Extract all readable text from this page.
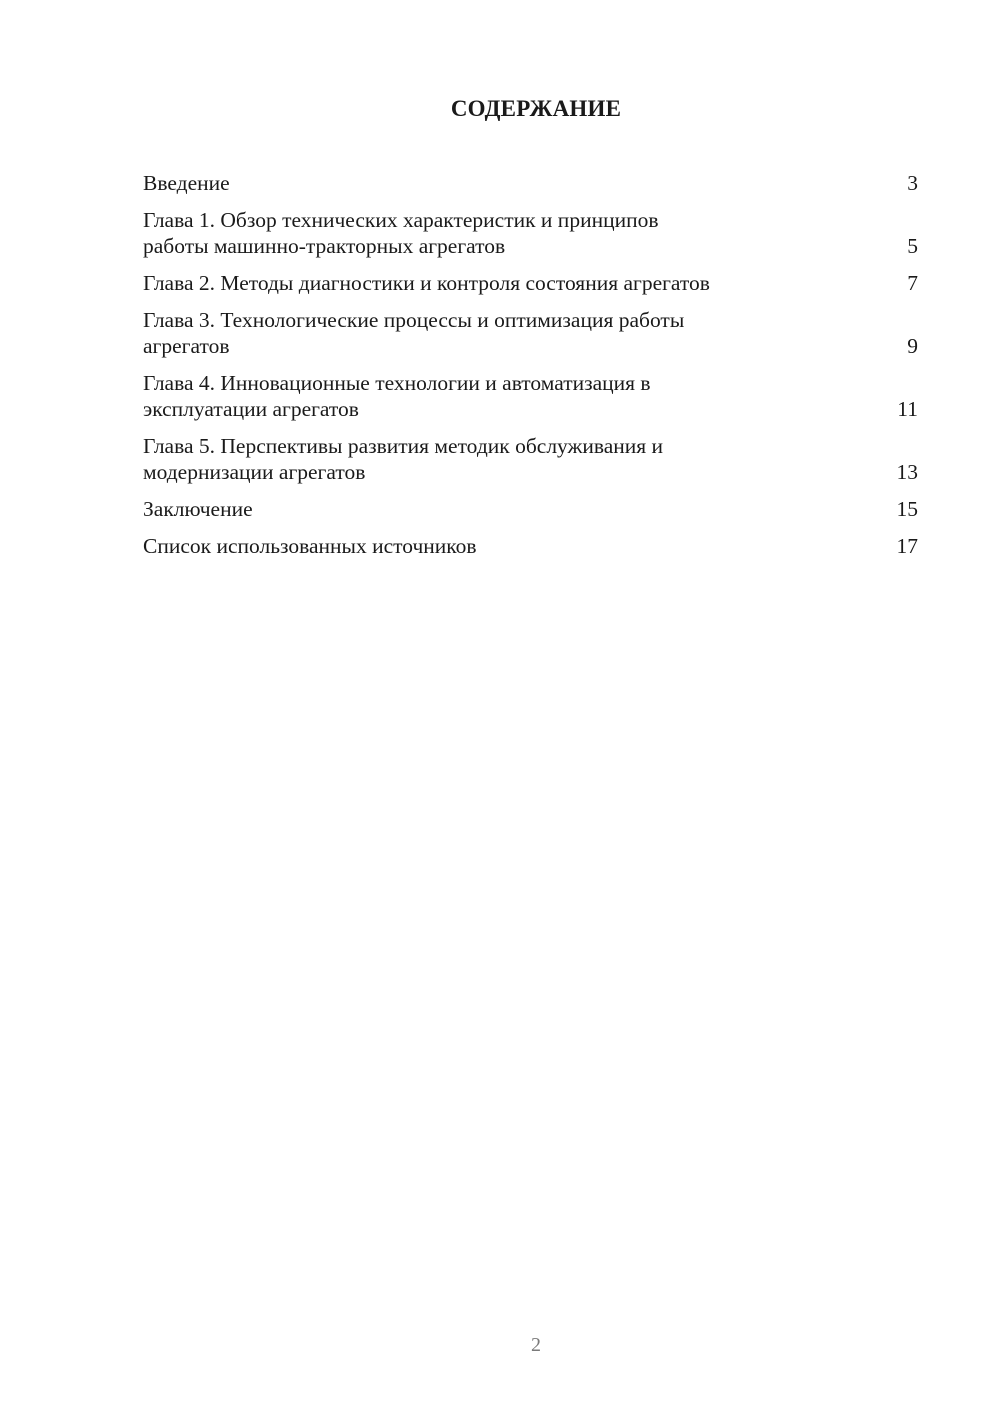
СОДЕРЖАНИЕ
Введение	3
Глава 1. Обзор технических характеристик и принципов
работы машинно-тракторных агрегатов	5
Глава 2. Методы диагностики и контроля состояния агрегатов	7
Глава 3. Технологические процессы и оптимизация работы
агрегатов	9
Глава 4. Инновационные технологии и автоматизация в
эксплуатации агрегатов	11
Глава 5. Перспективы развития методик обслуживания и
модернизации агрегатов	13
Заключение	15
Список использованных источников	17
2
